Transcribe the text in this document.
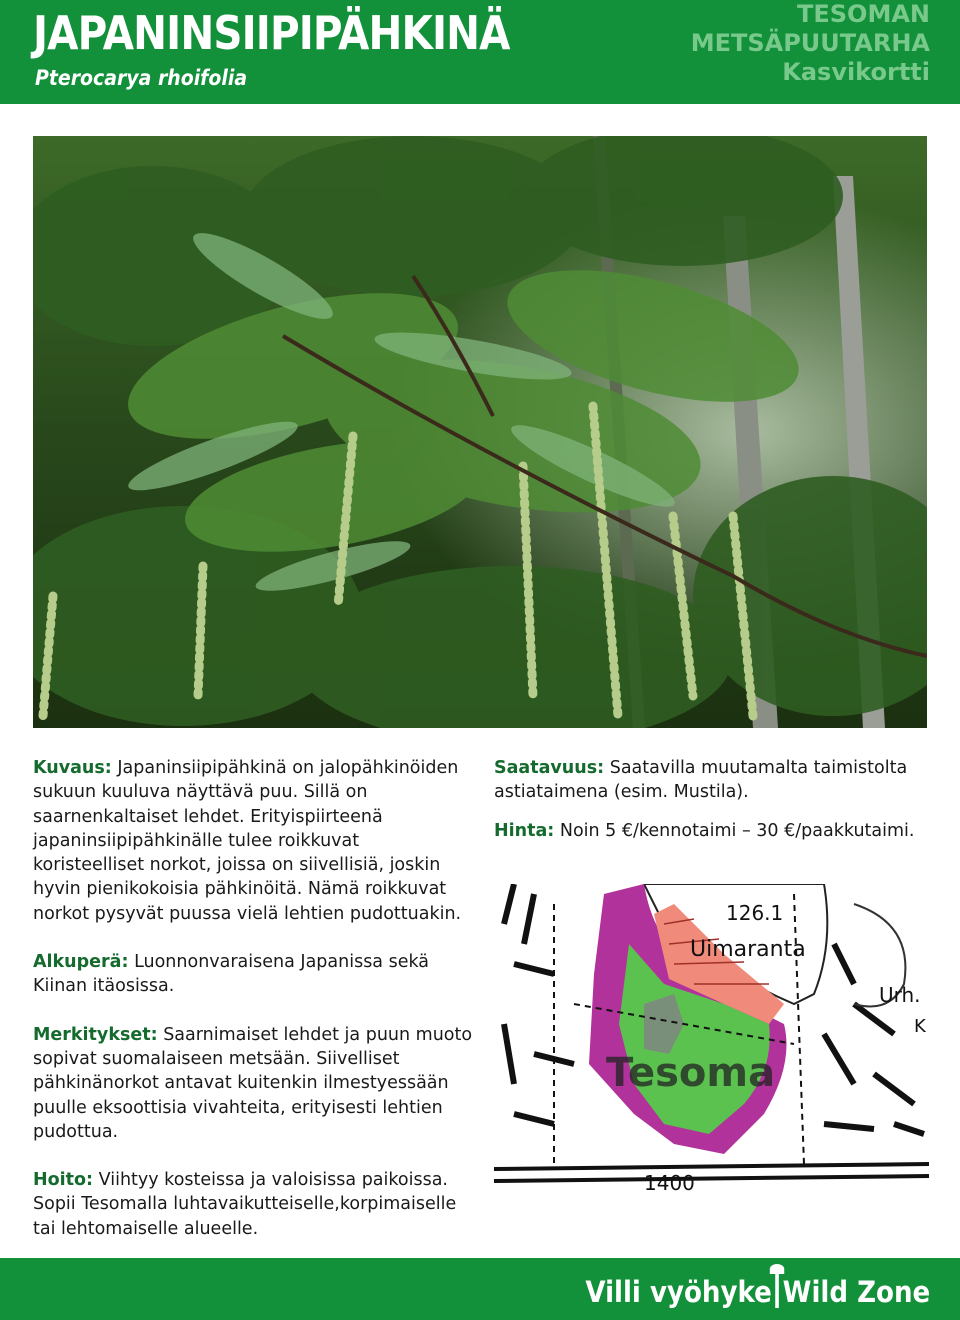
JAPANINSIIPIPÄHKINÄ
Pterocarya rhoifolia
TESOMAN
METSÄPUUTARHA
Kasvikortti

Kuvaus: Japaninsiipipähkinä on jalopähkinöiden sukuun kuuluva näyttävä puu. Sillä on saarnenkaltaiset lehdet. Erityispiirteenä japaninsiipipähkinälle tulee roikkuvat koristeelliset norkot, joissa on siivellisiä, joskin hyvin pienikokoisia pähkinöitä. Nämä roikkuvat norkot pysyvät puussa vielä lehtien pudottuakin.

Alkuperä: Luonnonvaraisena Japanissa sekä Kiinan itäosissa.

Merkitykset: Saarnimaiset lehdet ja puun muoto sopivat suomalaiseen metsään. Siivelliset pähkinänorkot antavat kuitenkin ilmestyessään puulle eksoottisia vivahteita, erityisesti lehtien pudottua.

Hoito: Viihtyy kosteissa ja valoisissa paikoissa. Sopii Tesomalla luhtavaikutteiselle,korpimaiselle tai lehtomaiselle alueelle.

Saatavuus: Saatavilla muutamalta taimistolta astiataimena (esim. Mustila).

Hinta: Noin 5 €/kennotaimi – 30 €/paakkutaimi.

126.1
Uimaranta
Urh.
K
Tesoma
1400
Villi vyöhyke Wild Zone
